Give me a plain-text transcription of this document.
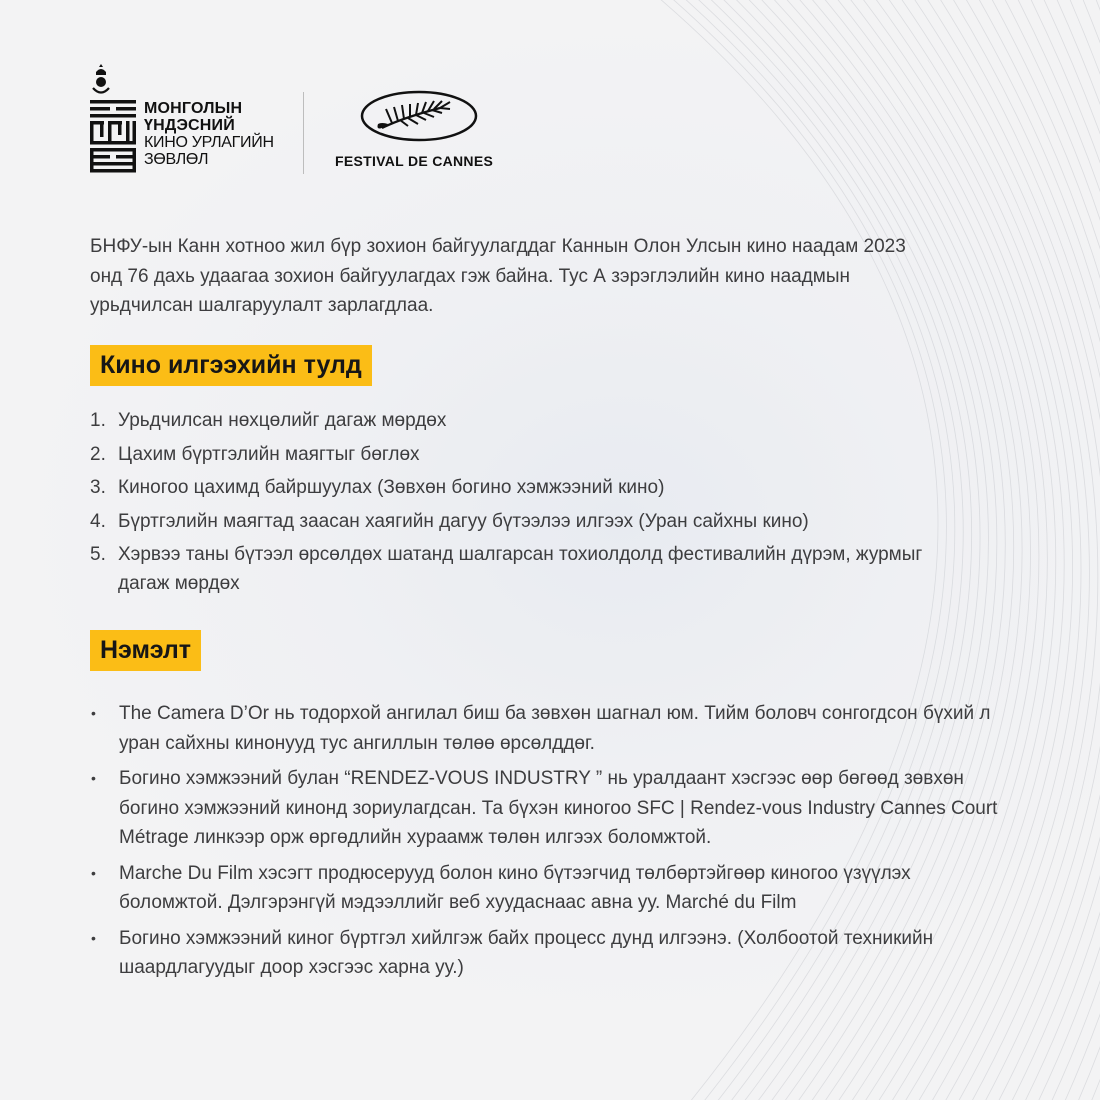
МОНГОЛЫН
ҮНДЭСНИЙ
КИНО УРЛАГИЙН
ЗӨВЛӨЛ	FESTIVAL DE CANNES

БНФУ-ын Канн хотноо жил бүр зохион байгуулагддаг Каннын Олон Улсын кино наадам 2023 онд 76 дахь удаагаа зохион байгуулагдах гэж байна. Тус А зэрэглэлийн кино наадмын урьдчилсан шалгаруулалт зарлагдлаа.

Кино илгээхийн тулд
1. Урьдчилсан нөхцөлийг дагаж мөрдөх
2. Цахим бүртгэлийн маягтыг бөглөх
3. Киногоо цахимд байршуулах (Зөвхөн богино хэмжээний кино)
4. Бүртгэлийн маягтад заасан хаягийн дагуу бүтээлээ илгээх (Уран сайхны кино)
5. Хэрвээ таны бүтээл өрсөлдөх шатанд шалгарсан тохиолдолд фестивалийн дүрэм, журмыг дагаж мөрдөх
Нэмэлт
•	The Camera D’Or нь тодорхой ангилал биш ба зөвхөн шагнал юм. Тийм боловч сонгогдсон бүхий л уран сайхны кинонууд тус ангиллын төлөө өрсөлддөг.
•	Богино хэмжээний булан “RENDEZ-VOUS INDUSTRY ” нь уралдаант хэсгээс өөр бөгөөд зөвхөн богино хэмжээний кинонд зориулагдсан. Та бүхэн киногоо SFC | Rendez-vous Industry Cannes Court Métrage линкээр орж өргөдлийн хураамж төлөн илгээх боломжтой.
•	Marche Du Film хэсэгт продюсерууд болон кино бүтээгчид төлбөртэйгөөр киногоо үзүүлэх боломжтой. Дэлгэрэнгүй мэдээллийг веб хуудаснаас авна уу. Marché du Film
•	Богино хэмжээний киног бүртгэл хийлгэж байх процесс дунд илгээнэ. (Холбоотой техникийн шаардлагуудыг доор хэсгээс харна уу.)
